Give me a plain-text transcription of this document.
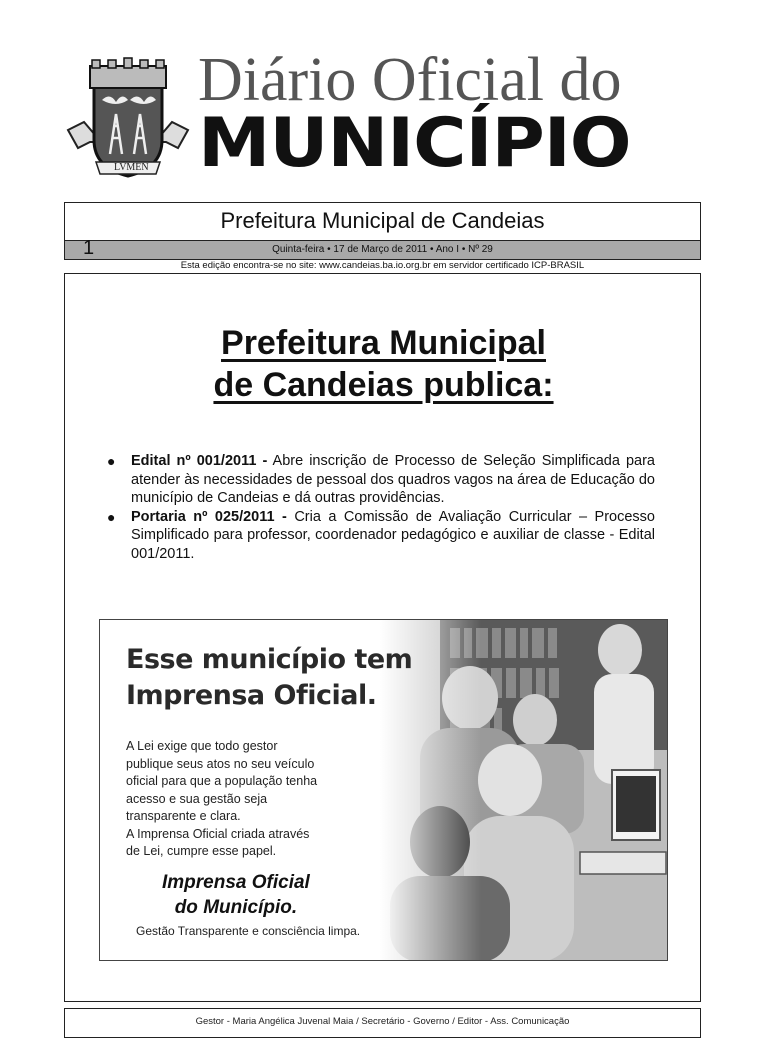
LVMEN
Diário Oficial do
MUNICÍPIO
Prefeitura Municipal de Candeias
1	Quinta-feira • 17 de Março de 2011 • Ano I • Nº 29
Esta edição encontra-se no site: www.candeias.ba.io.org.br em servidor certificado ICP-BRASIL
Prefeitura Municipal
de Candeias publica:
● Edital nº 001/2011 - Abre inscrição de Processo de Seleção Simplificada para atender às necessidades de pessoal dos quadros vagos na área de Educação do município de Candeias e dá outras providências.
● Portaria nº 025/2011 - Cria a Comissão de Avaliação Curricular – Processo Simplificado para professor, coordenador pedagógico e auxiliar de classe - Edital 001/2011.
Esse município tem
Imprensa Oficial.
A Lei exige que todo gestor
publique seus atos no seu veículo
oficial para que a população tenha
acesso e sua gestão seja
transparente e clara.
A Imprensa Oficial criada através
de Lei, cumpre esse papel.
Imprensa Oficial
do Município.
Gestão Transparente e consciência limpa.
Gestor - Maria Angélica Juvenal Maia / Secretário - Governo / Editor - Ass. Comunicação
